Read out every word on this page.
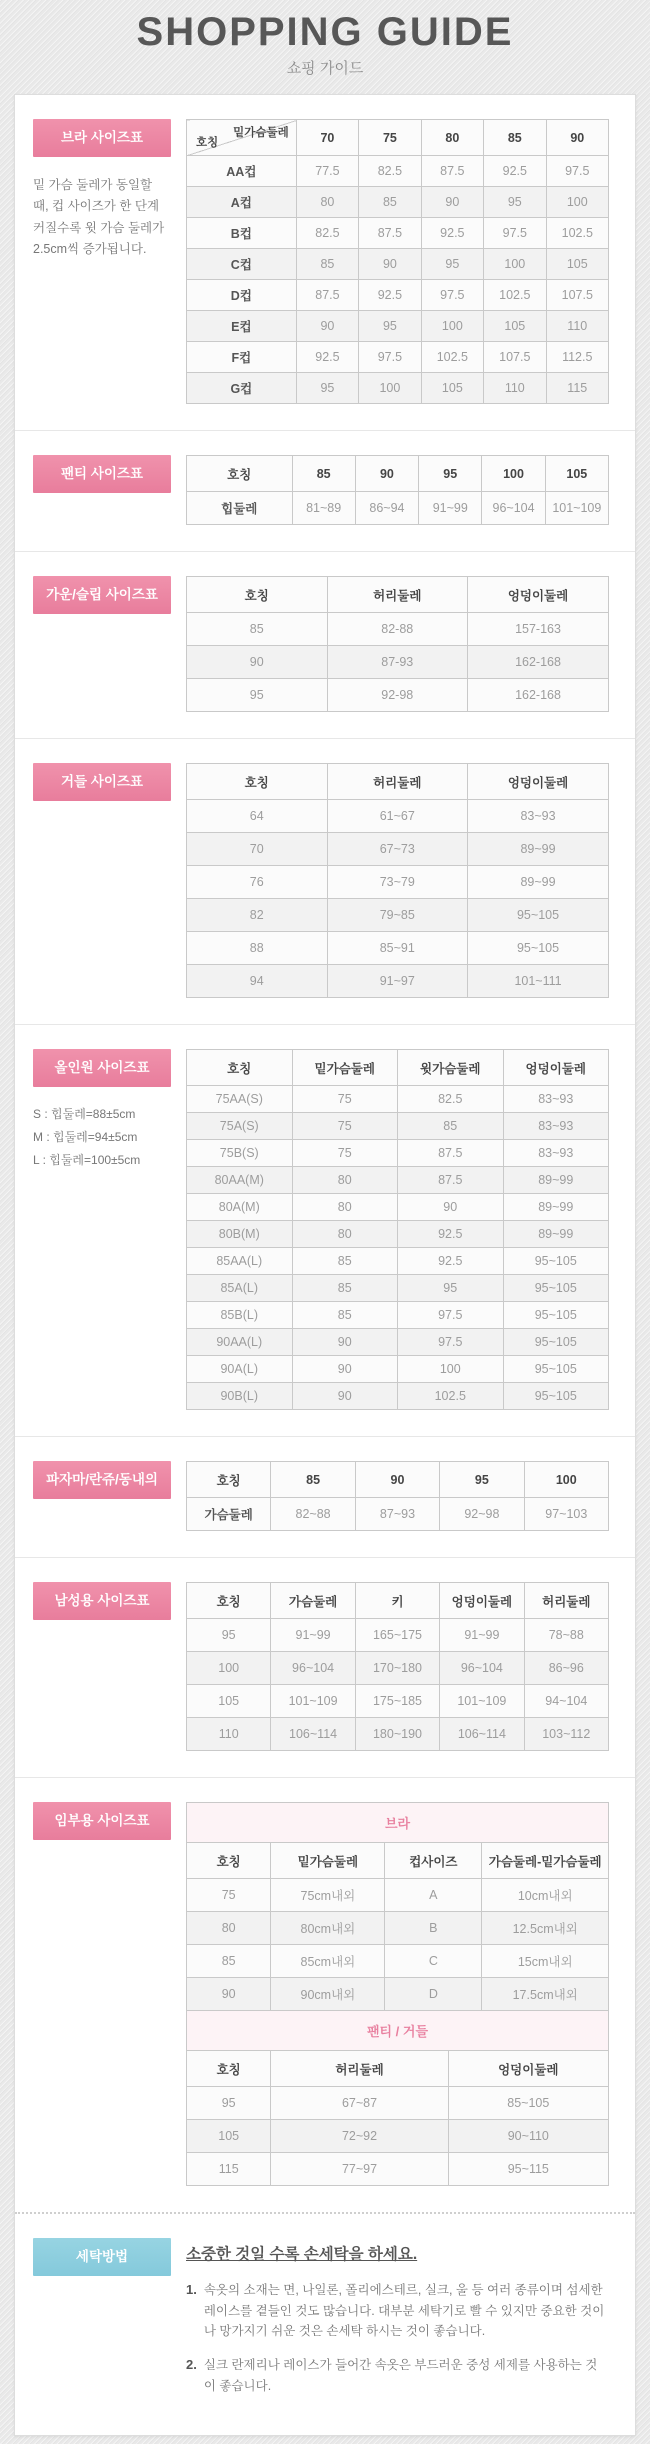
SHOPPING GUIDE
쇼핑 가이드
브라 사이즈표

밑 가슴 둘레가 동일할 때, 컵 사이즈가 한 단계 커질수록 윗 가슴 둘레가 2.5cm씩 증가됩니다.

밑가슴둘레
호칭	70	75	80	85	90
AA컵	77.5	82.5	87.5	92.5	97.5
A컵	80	85	90	95	100
B컵	82.5	87.5	92.5	97.5	102.5
C컵	85	90	95	100	105
D컵	87.5	92.5	97.5	102.5	107.5
E컵	90	95	100	105	110
F컵	92.5	97.5	102.5	107.5	112.5
G컵	95	100	105	110	115
팬티 사이즈표	호칭	85	90	95	100	105
힙둘레	81~89	86~94	91~99	96~104	101~109
가운/슬립 사이즈표	호칭	허리둘레	엉덩이둘레
85	82-88	157-163
90	87-93	162-168
95	92-98	162-168
거들 사이즈표	호칭	허리둘레	엉덩이둘레
64	61~67	83~93
70	67~73	89~99
76	73~79	89~99
82	79~85	95~105
88	85~91	95~105
94	91~97	101~111
올인원 사이즈표
S : 힙둘레=88±5cm
M : 힙둘레=94±5cm
L : 힙둘레=100±5cm
호칭	밑가슴둘레	윗가슴둘레	엉덩이둘레
75AA(S)	75	82.5	83~93
75A(S)	75	85	83~93
75B(S)	75	87.5	83~93
80AA(M)	80	87.5	89~99
80A(M)	80	90	89~99
80B(M)	80	92.5	89~99
85AA(L)	85	92.5	95~105
85A(L)	85	95	95~105
85B(L)	85	97.5	95~105
90AA(L)	90	97.5	95~105
90A(L)	90	100	95~105
90B(L)	90	102.5	95~105
파자마/란쥬/동내의	호칭	85	90	95	100
가슴둘레	82~88	87~93	92~98	97~103
남성용 사이즈표	호칭	가슴둘레	키	엉덩이둘레	허리둘레
95	91~99	165~175	91~99	78~88
100	96~104	170~180	96~104	86~96
105	101~109	175~185	101~109	94~104
110	106~114	180~190	106~114	103~112
임부용 사이즈표	브라
호칭	밑가슴둘레	컵사이즈	가슴둘레-밑가슴둘레
75	75cm내외	A	10cm내외
80	80cm내외	B	12.5cm내외
85	85cm내외	C	15cm내외
90	90cm내외	D	17.5cm내외
팬티 / 거들
호칭	허리둘레	엉덩이둘레
95	67~87	85~105
105	72~92	90~110
115	77~97	95~115
세탁방법	소중한 것일 수록 손세탁을 하세요.
1. 속옷의 소재는 면, 나일론, 폴리에스테르, 실크, 울 등 여러 종류이며 섬세한 레이스를 곁들인 것도 많습니다. 대부분 세탁기로 빨 수 있지만 중요한 것이나 망가지기 쉬운 것은 손세탁 하시는 것이 좋습니다.

2. 실크 란제리나 레이스가 들어간 속옷은 부드러운 중성 세제를 사용하는 것이 좋습니다.
